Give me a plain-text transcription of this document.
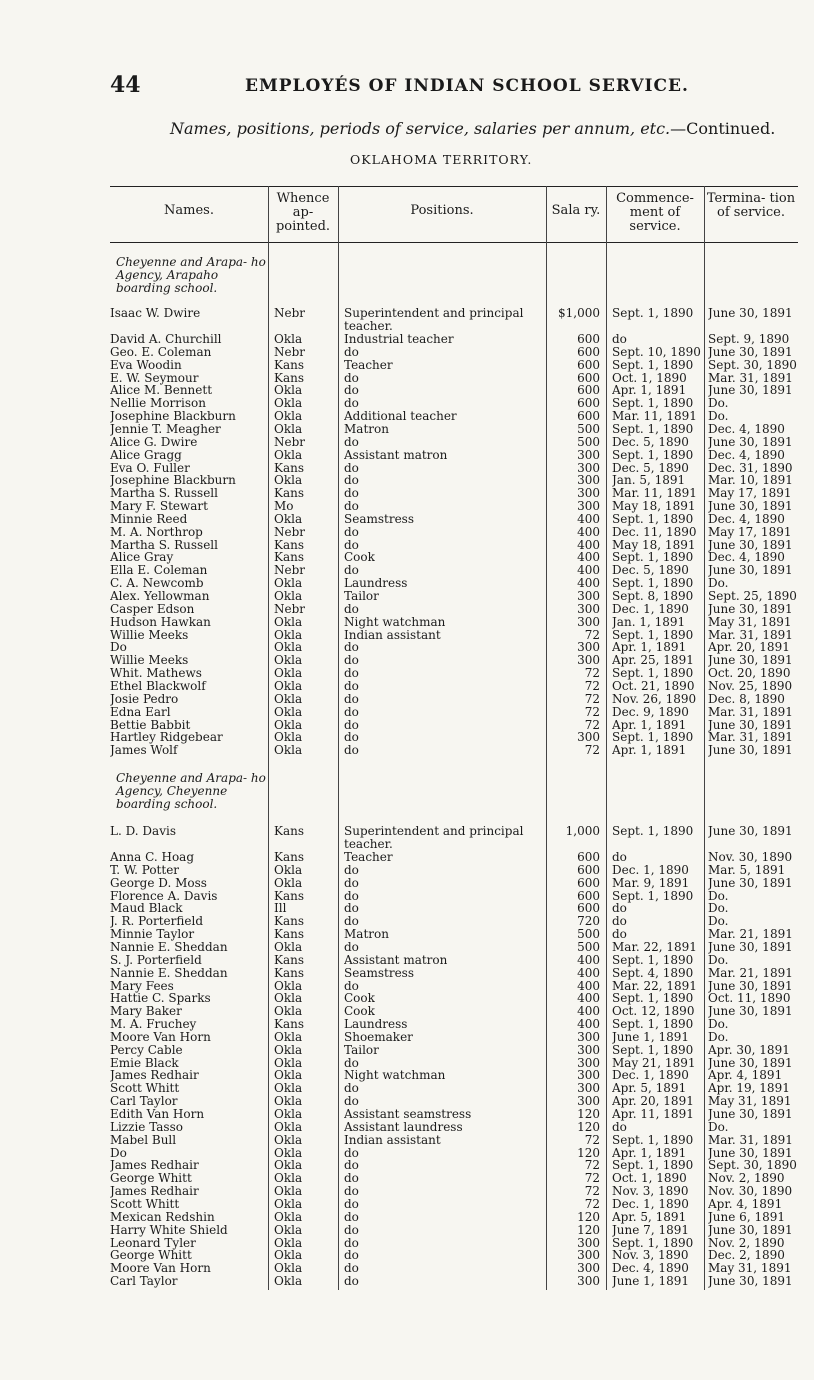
44	EMPLOYÉS OF INDIAN SCHOOL SERVICE.
Names, positions, periods of service, salaries per annum, etc.—Continued.
OKLAHOMA TERRITORY.
Names.
Whence ap- pointed.
Positions.	Sala ry.
Commence- ment of service.
Termina- tion of service.
Cheyenne and Arapa- ho Agency, Arapaho boarding school.
Isaac W. Dwire	Nebr	Superintendent and principal teacher.
$1,000 Sept. 1, 1890	June 30, 1891
David A. Churchill	Okla	Industrial teacher	600 do	Sept. 9, 1890
Geo. E. Coleman	Nebr	do	600 Sept. 10, 1890 June 30, 1891
Eva Woodin	Kans	Teacher	600 Sept. 1, 1890	Sept. 30, 1890
E. W. Seymour	Kans	do	600 Oct. 1, 1890	Mar. 31, 1891
Alice M. Bennett	Okla	do	600 Apr. 1, 1891	June 30, 1891
Nellie Morrison	Okla	do	600 Sept. 1, 1890	Do.
Josephine Blackburn	Okla	Additional teacher	600 Mar. 11, 1891 Do.
Jennie T. Meagher	Okla	Matron	500 Sept. 1, 1890	Dec. 4, 1890
Alice G. Dwire	Nebr	do	500 Dec. 5, 1890	June 30, 1891
Alice Gragg	Okla	Assistant matron	300 Sept. 1, 1890	Dec. 4, 1890
Eva O. Fuller	Kans	do	300 Dec. 5, 1890	Dec. 31, 1890
Josephine Blackburn	Okla	do	300 Jan. 5, 1891	Mar. 10, 1891
Martha S. Russell	Kans	do	300 Mar. 11, 1891 May 17, 1891
Mary F. Stewart	Mo	do	300 May 18, 1891	June 30, 1891
Minnie Reed	Okla	Seamstress	400 Sept. 1, 1890	Dec. 4, 1890
M. A. Northrop	Nebr	do	400 Dec. 11, 1890 May 17, 1891
Martha S. Russell	Kans	do	400 May 18, 1891	June 30, 1891
Alice Gray	Kans	Cook	400 Sept. 1, 1890	Dec. 4, 1890
Ella E. Coleman	Nebr	do	400 Dec. 5, 1890	June 30, 1891
C. A. Newcomb	Okla	Laundress	400 Sept. 1, 1890	Do.
Alex. Yellowman	Okla	Tailor	300 Sept. 8, 1890	Sept. 25, 1890
Casper Edson	Nebr	do	300 Dec. 1, 1890	June 30, 1891
Hudson Hawkan	Okla	Night watchman	300 Jan. 1, 1891	May 31, 1891
Willie Meeks	Okla	Indian assistant	72 Sept. 1, 1890	Mar. 31, 1891
Do	Okla	do	300 Apr. 1, 1891	Apr. 20, 1891
Willie Meeks	Okla	do	300 Apr. 25, 1891	June 30, 1891
Whit. Mathews	Okla	do	72 Sept. 1, 1890	Oct. 20, 1890
Ethel Blackwolf	Okla	do	72 Oct. 21, 1890	Nov. 25, 1890
Josie Pedro	Okla	do	72 Nov. 26, 1890 Dec. 8, 1890
Edna Earl	Okla	do	72 Dec. 9, 1890	Mar. 31, 1891
Bettie Babbit	Okla	do	72 Apr. 1, 1891	June 30, 1891
Hartley Ridgebear	Okla	do	300 Sept. 1, 1890	Mar. 31, 1891
James Wolf	Okla	do	72 Apr. 1, 1891	June 30, 1891
Cheyenne and Arapa- ho Agency, Cheyenne boarding school.
L. D. Davis	Kans	Superintendent and principal teacher.
1,000 Sept. 1, 1890	June 30, 1891
Anna C. Hoag	Kans	Teacher	600 do	Nov. 30, 1890
T. W. Potter	Okla	do	600 Dec. 1, 1890	Mar. 5, 1891
George D. Moss	Okla	do	600 Mar. 9, 1891	June 30, 1891
Florence A. Davis	Kans	do	600 Sept. 1, 1890	Do.
Maud Black	Ill	do	600 do	Do.
J. R. Porterfield	Kans	do	720 do	Do.
Minnie Taylor	Kans	Matron	500 do	Mar. 21, 1891
Nannie E. Sheddan	Okla	do	500 Mar. 22, 1891 June 30, 1891
S. J. Porterfield	Kans	Assistant matron	400 Sept. 1, 1890	Do.
Nannie E. Sheddan	Kans	Seamstress	400 Sept. 4, 1890	Mar. 21, 1891
Mary Fees	Okla	do	400 Mar. 22, 1891 June 30, 1891
Hattie C. Sparks	Okla	Cook	400 Sept. 1, 1890	Oct. 11, 1890
Mary Baker	Okla	Cook	400 Oct. 12, 1890	June 30, 1891
M. A. Fruchey	Kans	Laundress	400 Sept. 1, 1890	Do.
Moore Van Horn	Okla	Shoemaker	300 June 1, 1891	Do.
Percy Cable	Okla	Tailor	300 Sept. 1, 1890	Apr. 30, 1891
Emie Black	Okla	do	300 May 21, 1891	June 30, 1891
James Redhair	Okla	Night watchman	300 Dec. 1, 1890	Apr. 4, 1891
Scott Whitt	Okla	do	300 Apr. 5, 1891	Apr. 19, 1891
Carl Taylor	Okla	do	300 Apr. 20, 1891	May 31, 1891
Edith Van Horn	Okla	Assistant seamstress	120 Apr. 11, 1891	June 30, 1891
Lizzie Tasso	Okla	Assistant laundress	120 do	Do.
Mabel Bull	Okla	Indian assistant	72 Sept. 1, 1890	Mar. 31, 1891
Do	Okla	do	120 Apr. 1, 1891	June 30, 1891
James Redhair	Okla	do	72 Sept. 1, 1890	Sept. 30, 1890
George Whitt	Okla	do	72 Oct. 1, 1890	Nov. 2, 1890
James Redhair	Okla	do	72 Nov. 3, 1890	Nov. 30, 1890
Scott Whitt	Okla	do	72 Dec. 1, 1890	Apr. 4, 1891
Mexican Redshin	Okla	do	120 Apr. 5, 1891	June 6, 1891
Harry White Shield	Okla	do	120 June 7, 1891	June 30, 1891
Leonard Tyler	Okla	do	300 Sept. 1, 1890	Nov. 2, 1890
George Whitt	Okla	do	300 Nov. 3, 1890	Dec. 2, 1890
Moore Van Horn	Okla	do	300 Dec. 4, 1890	May 31, 1891
Carl Taylor	Okla	do	300 June 1, 1891	June 30, 1891
